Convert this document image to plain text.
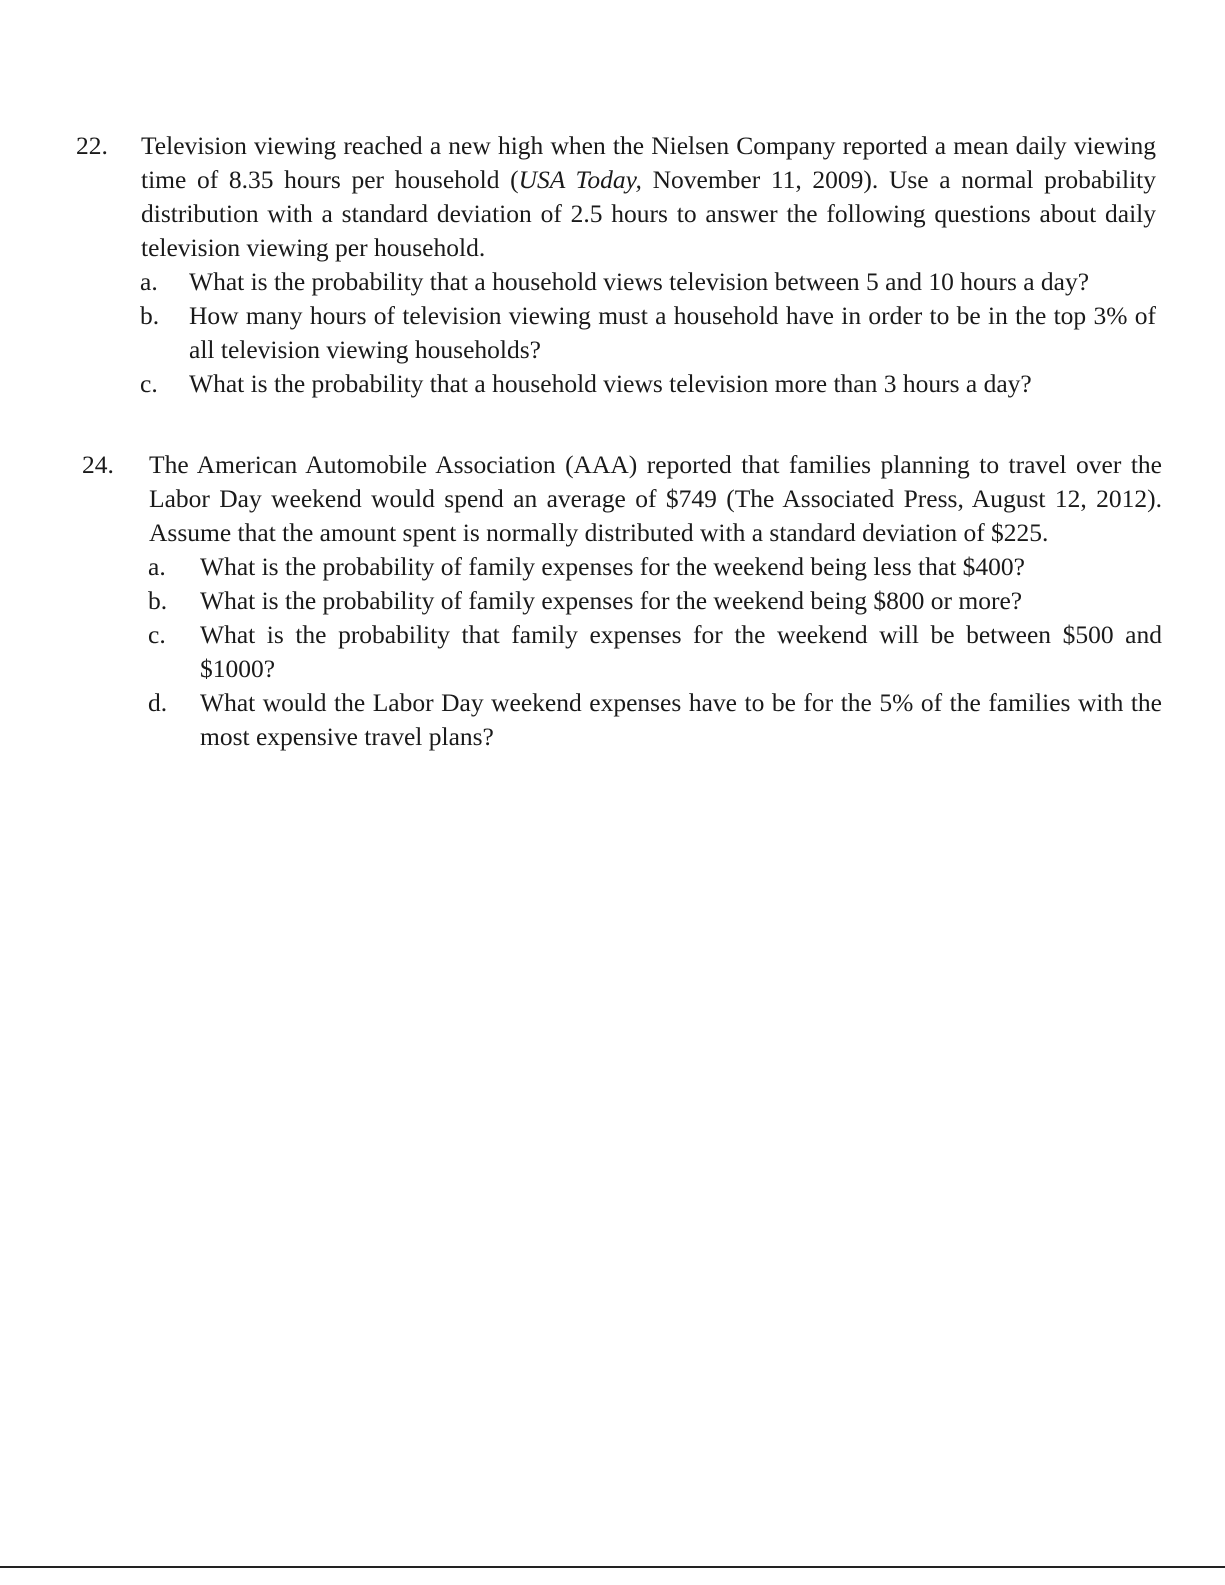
22. Television viewing reached a new high when the Nielsen Company reported a mean daily viewing time of 8.35 hours per household (USA Today, November 11, 2009). Use a normal probability distribution with a standard deviation of 2.5 hours to answer the following questions about daily television viewing per household.
a. What is the probability that a household views television between 5 and 10 hours a day?
b. How many hours of television viewing must a household have in order to be in the top 3% of all television viewing households?
c. What is the probability that a household views television more than 3 hours a day?
24. The American Automobile Association (AAA) reported that families planning to travel over the Labor Day weekend would spend an average of $749 (The Associated Press, August 12, 2012). Assume that the amount spent is normally distributed with a standard deviation of $225.
a. What is the probability of family expenses for the weekend being less that $400?
b. What is the probability of family expenses for the weekend being $800 or more?
c. What is the probability that family expenses for the weekend will be between $500 and $1000?
d. What would the Labor Day weekend expenses have to be for the 5% of the families with the most expensive travel plans?
